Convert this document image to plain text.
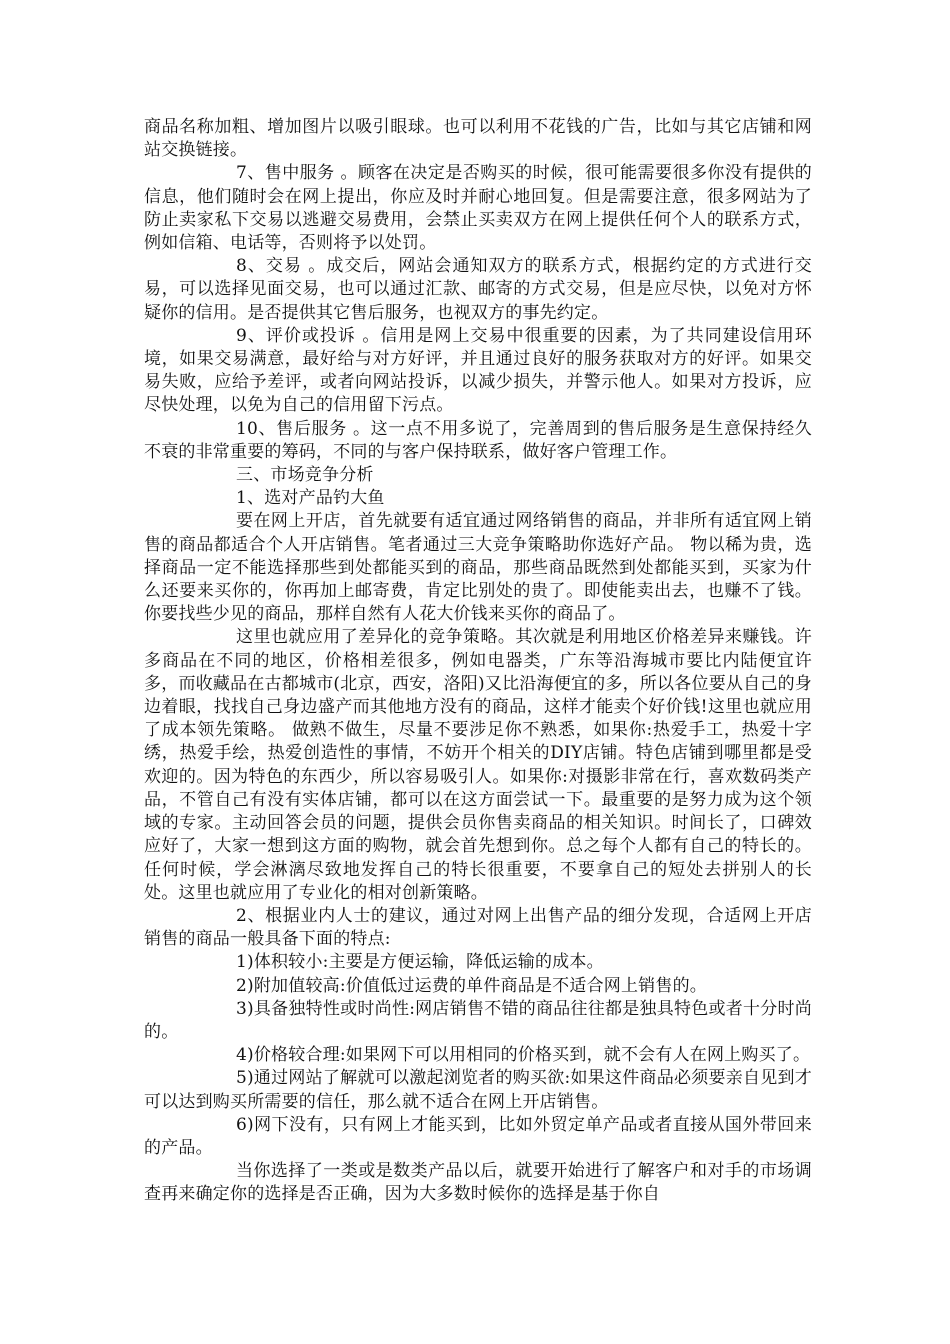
商品名称加粗、增加图片以吸引眼球。也可以利用不花钱的广告，比如与其它店铺和网站交换链接。

7、售中服务 。顾客在决定是否购买的时候，很可能需要很多你没有提供的信息，他们随时会在网上提出，你应及时并耐心地回复。但是需要注意，很多网站为了防止卖家私下交易以逃避交易费用，会禁止买卖双方在网上提供任何个人的联系方式，例如信箱、电话等，否则将予以处罚。

8、交易 。成交后，网站会通知双方的联系方式，根据约定的方式进行交易，可以选择见面交易，也可以通过汇款、邮寄的方式交易，但是应尽快，以免对方怀疑你的信用。是否提供其它售后服务，也视双方的事先约定。

9、评价或投诉 。信用是网上交易中很重要的因素，为了共同建设信用环境，如果交易满意，最好给与对方好评，并且通过良好的服务获取对方的好评。如果交易失败，应给予差评，或者向网站投诉，以减少损失，并警示他人。如果对方投诉，应尽快处理，以免为自己的信用留下污点。

10、售后服务 。这一点不用多说了，完善周到的售后服务是生意保持经久不衰的非常重要的筹码，不同的与客户保持联系，做好客户管理工作。

三、市场竞争分析

1、选对产品钓大鱼

要在网上开店，首先就要有适宜通过网络销售的商品，并非所有适宜网上销售的商品都适合个人开店销售。笔者通过三大竞争策略助你选好产品。 物以稀为贵，选择商品一定不能选择那些到处都能买到的商品，那些商品既然到处都能买到，买家为什么还要来买你的，你再加上邮寄费，肯定比别处的贵了。即使能卖出去，也赚不了钱。你要找些少见的商品，那样自然有人花大价钱来买你的商品了。

这里也就应用了差异化的竞争策略。其次就是利用地区价格差异来赚钱。许多商品在不同的地区，价格相差很多，例如电器类，广东等沿海城市要比内陆便宜许多，而收藏品在古都城市(北京，西安，洛阳)又比沿海便宜的多，所以各位要从自己的身边着眼，找找自己身边盛产而其他地方没有的商品，这样才能卖个好价钱!这里也就应用了成本领先策略。 做熟不做生，尽量不要涉足你不熟悉，如果你:热爱手工，热爱十字绣，热爱手绘，热爱创造性的事情，不妨开个相关的DIY店铺。特色店铺到哪里都是受欢迎的。因为特色的东西少，所以容易吸引人。如果你:对摄影非常在行，喜欢数码类产品，不管自己有没有实体店铺，都可以在这方面尝试一下。最重要的是努力成为这个领域的专家。主动回答会员的问题，提供会员你售卖商品的相关知识。时间长了，口碑效应好了，大家一想到这方面的购物，就会首先想到你。总之每个人都有自己的特长的。任何时候，学会淋漓尽致地发挥自己的特长很重要，不要拿自己的短处去拼别人的长处。这里也就应用了专业化的相对创新策略。

2、根据业内人士的建议，通过对网上出售产品的细分发现，合适网上开店销售的商品一般具备下面的特点:

1)体积较小:主要是方便运输，降低运输的成本。

2)附加值较高:价值低过运费的单件商品是不适合网上销售的。

3)具备独特性或时尚性:网店销售不错的商品往往都是独具特色或者十分时尚的。

4)价格较合理:如果网下可以用相同的价格买到，就不会有人在网上购买了。

5)通过网站了解就可以激起浏览者的购买欲:如果这件商品必须要亲自见到才可以达到购买所需要的信任，那么就不适合在网上开店销售。

6)网下没有，只有网上才能买到，比如外贸定单产品或者直接从国外带回来的产品。

当你选择了一类或是数类产品以后，就要开始进行了解客户和对手的市场调查再来确定你的选择是否正确，因为大多数时候你的选择是基于你自
